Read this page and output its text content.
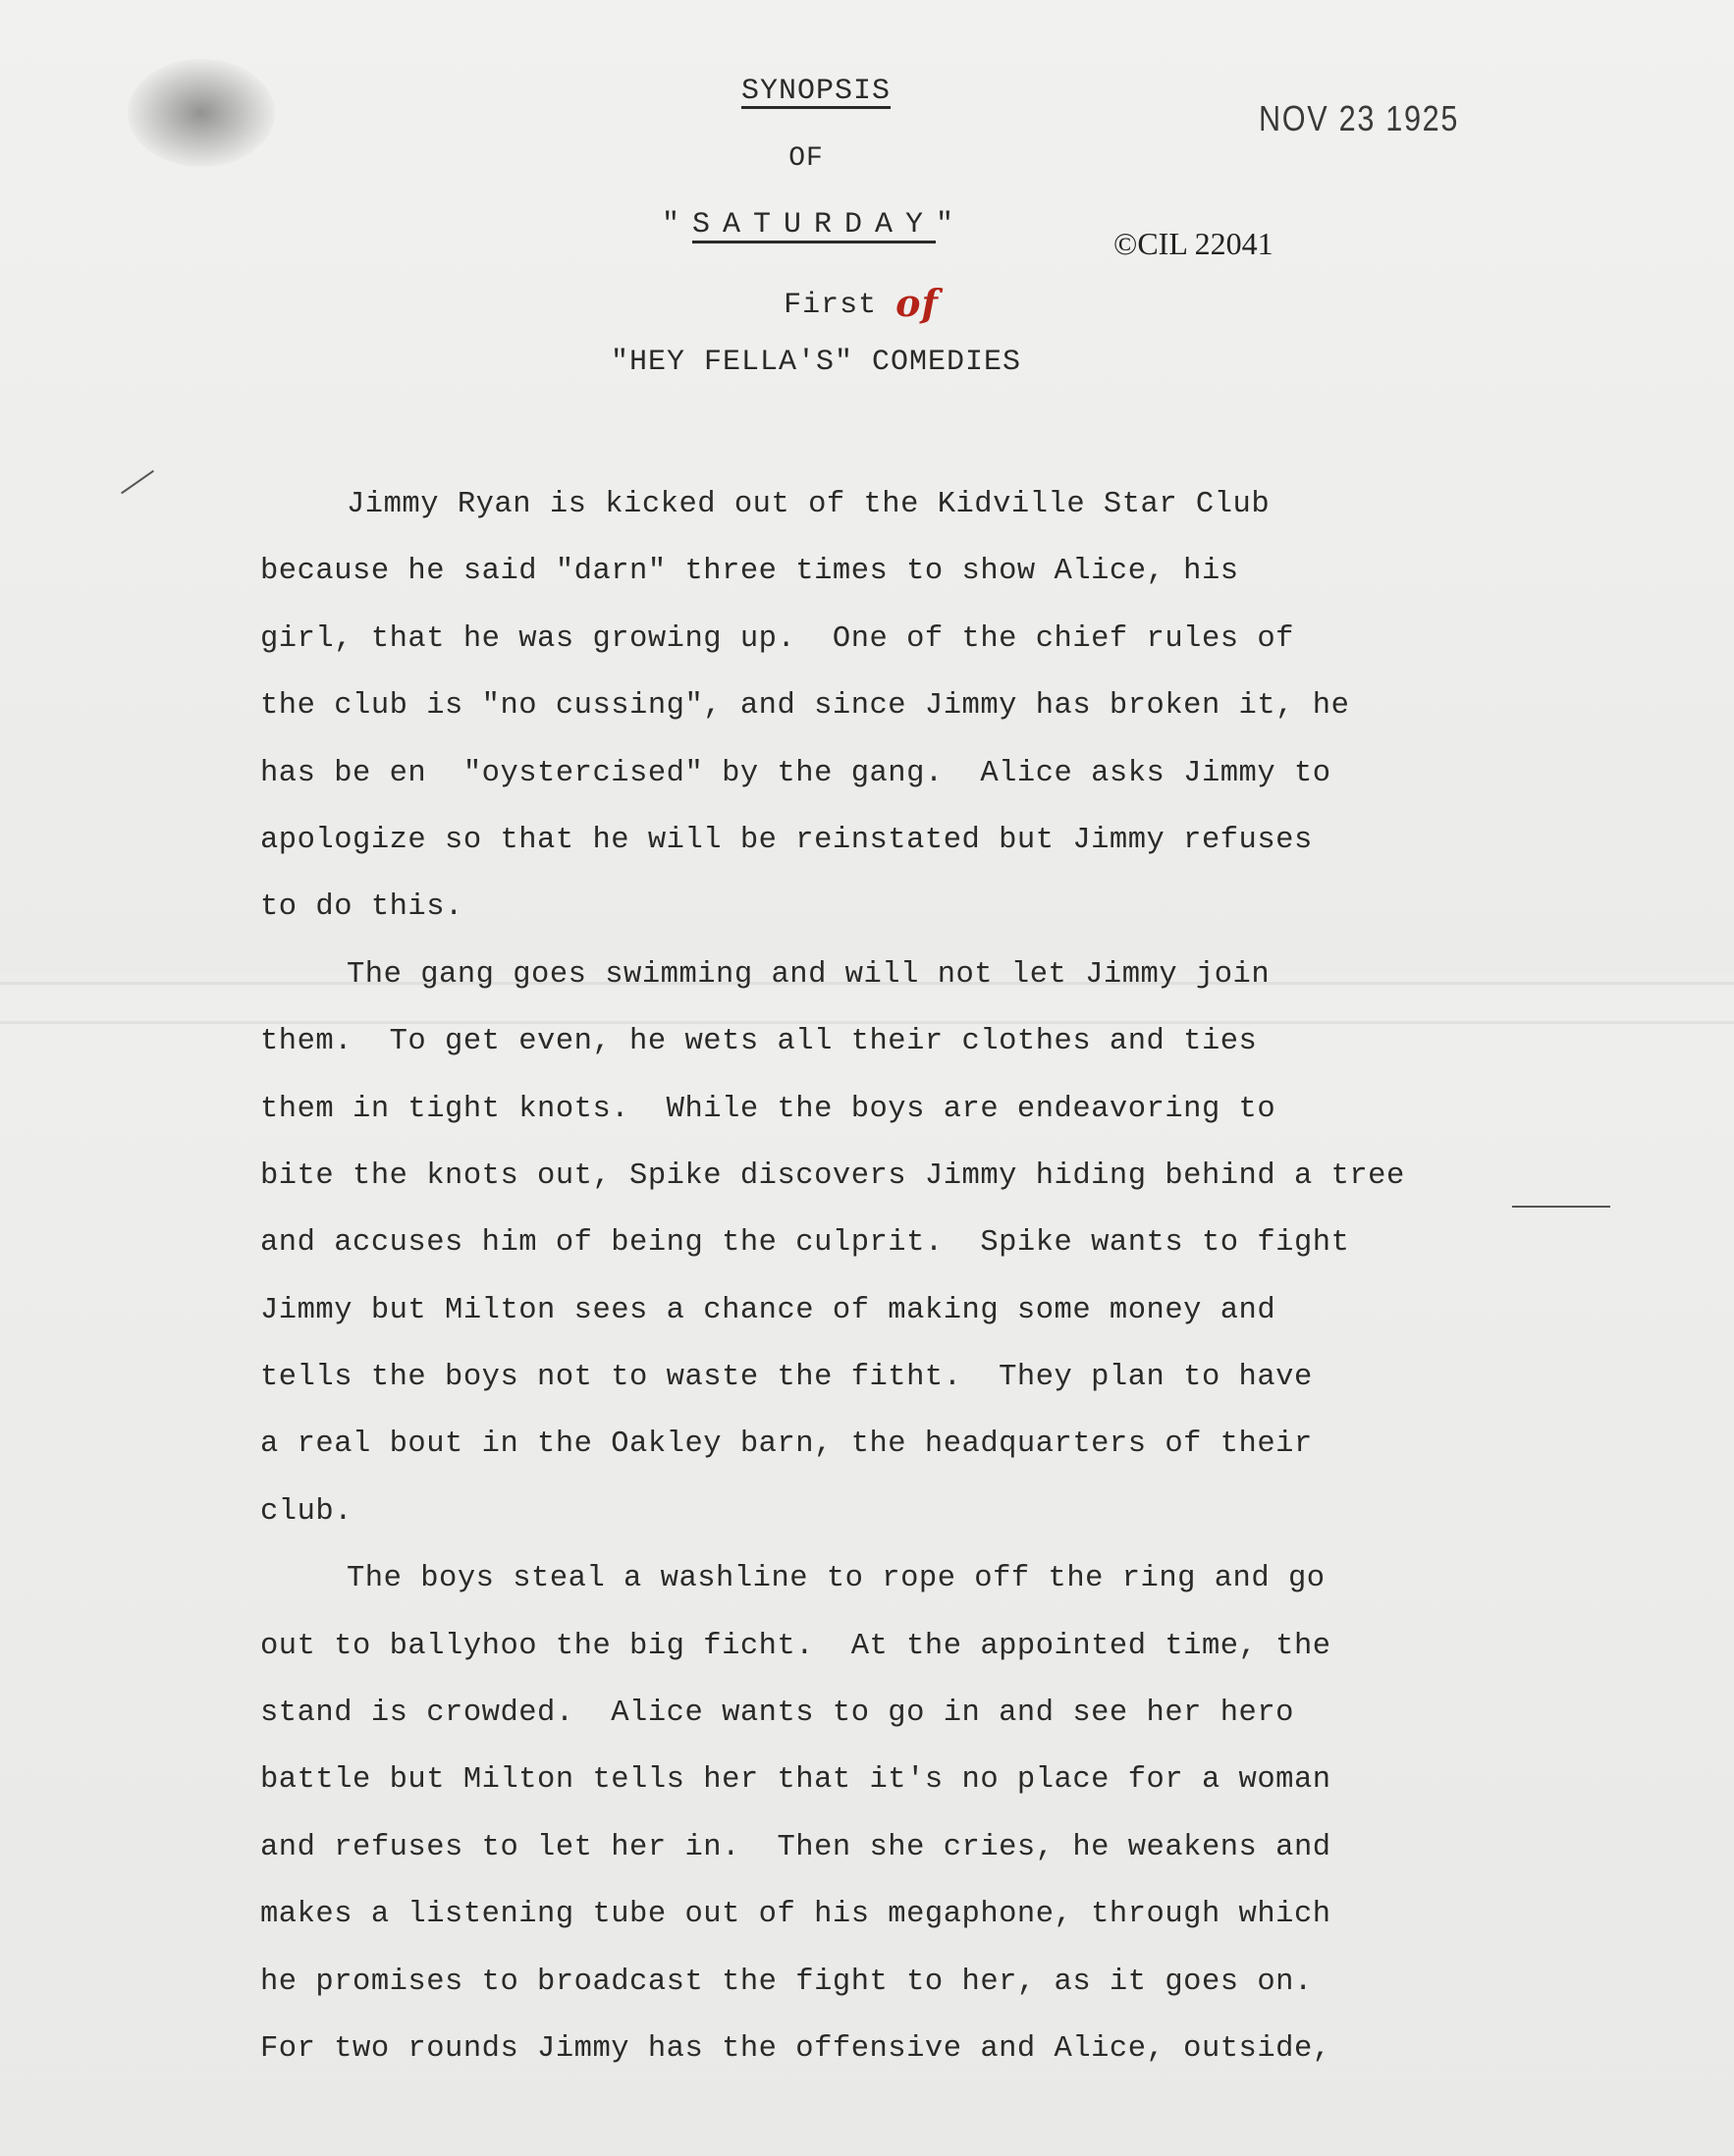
SYNOPSIS
OF
"SATURDAY"
First of
"HEY FELLA'S" COMEDIES
NOV 23 1925
©CIL 22041
Jimmy Ryan is kicked out of the Kidville Star Club
because he said "darn" three times to show Alice, his
girl, that he was growing up.  One of the chief rules of
the club is "no cussing", and since Jimmy has broken it, he
has be en  "oystercised" by the gang.  Alice asks Jimmy to
apologize so that he will be reinstated but Jimmy refuses
to do this.
The gang goes swimming and will not let Jimmy join
them.  To get even, he wets all their clothes and ties
them in tight knots.  While the boys are endeavoring to
bite the knots out, Spike discovers Jimmy hiding behind a tree
and accuses him of being the culprit.  Spike wants to fight
Jimmy but Milton sees a chance of making some money and
tells the boys not to waste the fitht.  They plan to have
a real bout in the Oakley barn, the headquarters of their
club.
The boys steal a washline to rope off the ring and go
out to ballyhoo the big ficht.  At the appointed time, the
stand is crowded.  Alice wants to go in and see her hero
battle but Milton tells her that it's no place for a woman
and refuses to let her in.  Then she cries, he weakens and
makes a listening tube out of his megaphone, through which
he promises to broadcast the fight to her, as it goes on.
For two rounds Jimmy has the offensive and Alice, outside,
